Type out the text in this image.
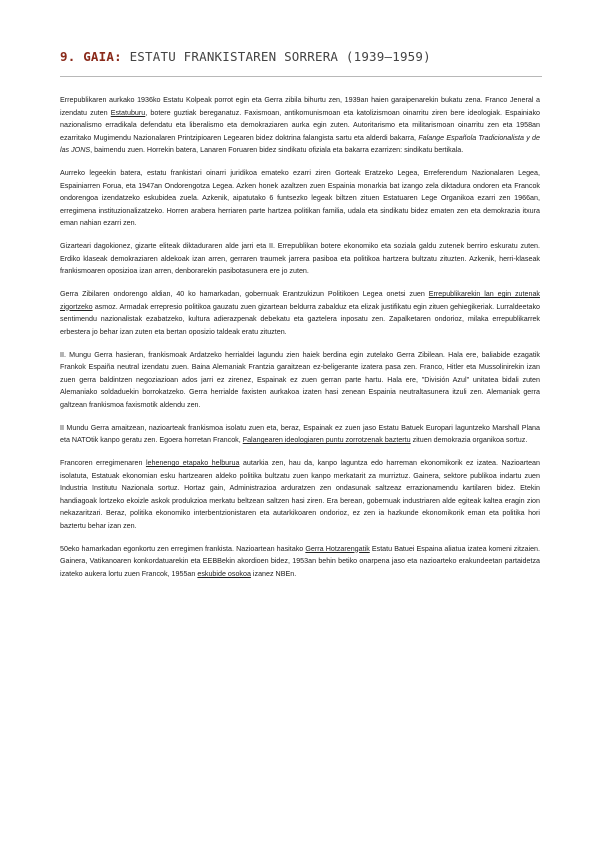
9. GAIA: ESTATU FRANKISTAREN SORRERA (1939–1959)

Errepublikaren aurkako 1936ko Estatu Kolpeak porrot egin eta Gerra zibila bihurtu zen, 1939an haien garaipenarekin bukatu zena. Franco Jeneral a izendatu zuten Estatuburu, botere guztiak bereganatuz. Faxismoan, antikomunismoan eta katolizismoan oinarritu ziren bere ideologiak. Espainiako nazionalismo erradikala defendatu eta liberalismo eta demokraziaren aurka egin zuten. Autoritarismo eta militarismoan oinarritu zen eta 1958an ezarritako Mugimendu Nazionalaren Printzipioaren Legearen bidez doktrina falangista sartu eta alderdi bakarra, Falange Española Tradicionalista y de las JONS, baimendu zuen. Horrekin batera, Lanaren Foruaren bidez sindikatu ofiziala eta bakarra ezarrizen: sindikatu bertikala.

Aurreko legeekin batera, estatu frankistari oinarri juridikoa emateko ezarri ziren Gorteak Eratzeko Legea, Erreferendum Nazionalaren Legea, Espainiarren Forua, eta 1947an Ondorengotza Legea. Azken honek azaltzen zuen Espainia monarkia bat izango zela diktadura ondoren eta Francok ondorengoa izendatzeko eskubidea zuela. Azkenik, aipatutako 6 funtsezko legeak biltzen zituen Estatuaren Lege Organikoa ezarri zen 1966an, erregimena instituzionalizatzeko. Horren arabera herriaren parte hartzea politikan familia, udala eta sindikatu bidez ematen zen eta demokrazia itxura eman nahian ezarri zen.

Gizarteari dagokionez, gizarte eliteak diktaduraren alde jarri eta II. Errepublikan botere ekonomiko eta soziala galdu zutenek berriro eskuratu zuten. Erdiko klaseak demokraziaren aldekoak izan arren, gerraren traumek jarrera pasiboa eta politikoa hartzera bultzatu zituzten. Azkenik, herri-klaseak frankismoaren oposizioa izan arren, denborarekin pasibotasunera ere jo zuten.

Gerra Zibilaren ondorengo aldian, 40 ko hamarkadan, gobernuak Erantzukizun Politikoen Legea onetsi zuen Errepublikarekin lan egin zutenak zigortzeko asmoz. Armadak errepresio politikoa gauzatu zuen gizartean beldurra zabalduz eta elizak justifikatu egin zituen gehiegikeriak. Lurraldeetako sentimendu nazionalistak ezabatzeko, kultura adierazpenak debekatu eta gaztelera inposatu zen. Zapalketaren ondorioz, milaka errepublikarrek erbestera jo behar izan zuten eta bertan oposizio taldeak eratu zituzten.

II. Mungu Gerra hasieran, frankismoak Ardatzeko herrialdei lagundu zien haiek berdina egin zutelako Gerra Zibilean. Hala ere, baliabide ezagatik Frankok Espaiña neutral izendatu zuen. Baina Alemaniak Frantzia garaitzean ez-beligerante izatera pasa zen. Franco, Hitler eta Mussolinirekin izan zuen gerra baldintzen negoziazioan ados jarri ez zirenez, Espainak ez zuen gerran parte hartu. Hala ere, "División Azul" unitatea bidali zuten Alemaniako soldaduekin borrokatzeko. Gerra herrialde faxisten aurkakoa izaten hasi zenean Espainia neutraltasunera itzuli zen. Alemaniak gerra galtzean frankismoa faxismotik aldendu zen.

II Mundu Gerra amaitzean, nazioarteak frankismoa isolatu zuen eta, beraz, Espainak ez zuen jaso Estatu Batuek Europari laguntzeko Marshall Plana eta NATOtik kanpo geratu zen. Egoera horretan Francok, Falangearen ideologiaren puntu zorrotzenak baztertu zituen demokrazia organikoa sortuz.

Francoren erregimenaren lehenengo etapako helburua autarkia zen, hau da, kanpo laguntza edo harreman ekonomikorik ez izatea. Nazioartean isolatuta, Estatuak ekonomian esku hartzearen aldeko politika bultzatu zuen kanpo merkatarit za murriztuz. Gainera, sektore publikoa indartu zuen Industria Institutu Nazionala sortuz. Hortaz gain, Administrazioa arduratzen zen ondasunak saltzeaz errazionamendu kartilaren bidez. Etekin handiagoak lortzeko ekoizle askok produkzioa merkatu beltzean saltzen hasi ziren. Era berean, gobernuak industriaren alde egiteak kaltea eragin zion nekazaritzari. Beraz, politika ekonomiko interbentzionistaren eta autarkikoaren ondorioz, ez zen ia hazkunde ekonomikorik eman eta politika hori baztertu behar izan zen.

50eko hamarkadan egonkortu zen erregimen frankista. Nazioartean hasitako Gerra Hotzarengatik Estatu Batuei Espaina aliatua izatea komeni zitzaien. Gainera, Vatikanoaren konkordatuarekin eta EEBBekin akordioen bidez, 1953an behin betiko onarpena jaso eta nazioarteko erakundeetan partaidetza izateko aukera lortu zuen Francok, 1955an eskubide osokoa izanez NBEn.
